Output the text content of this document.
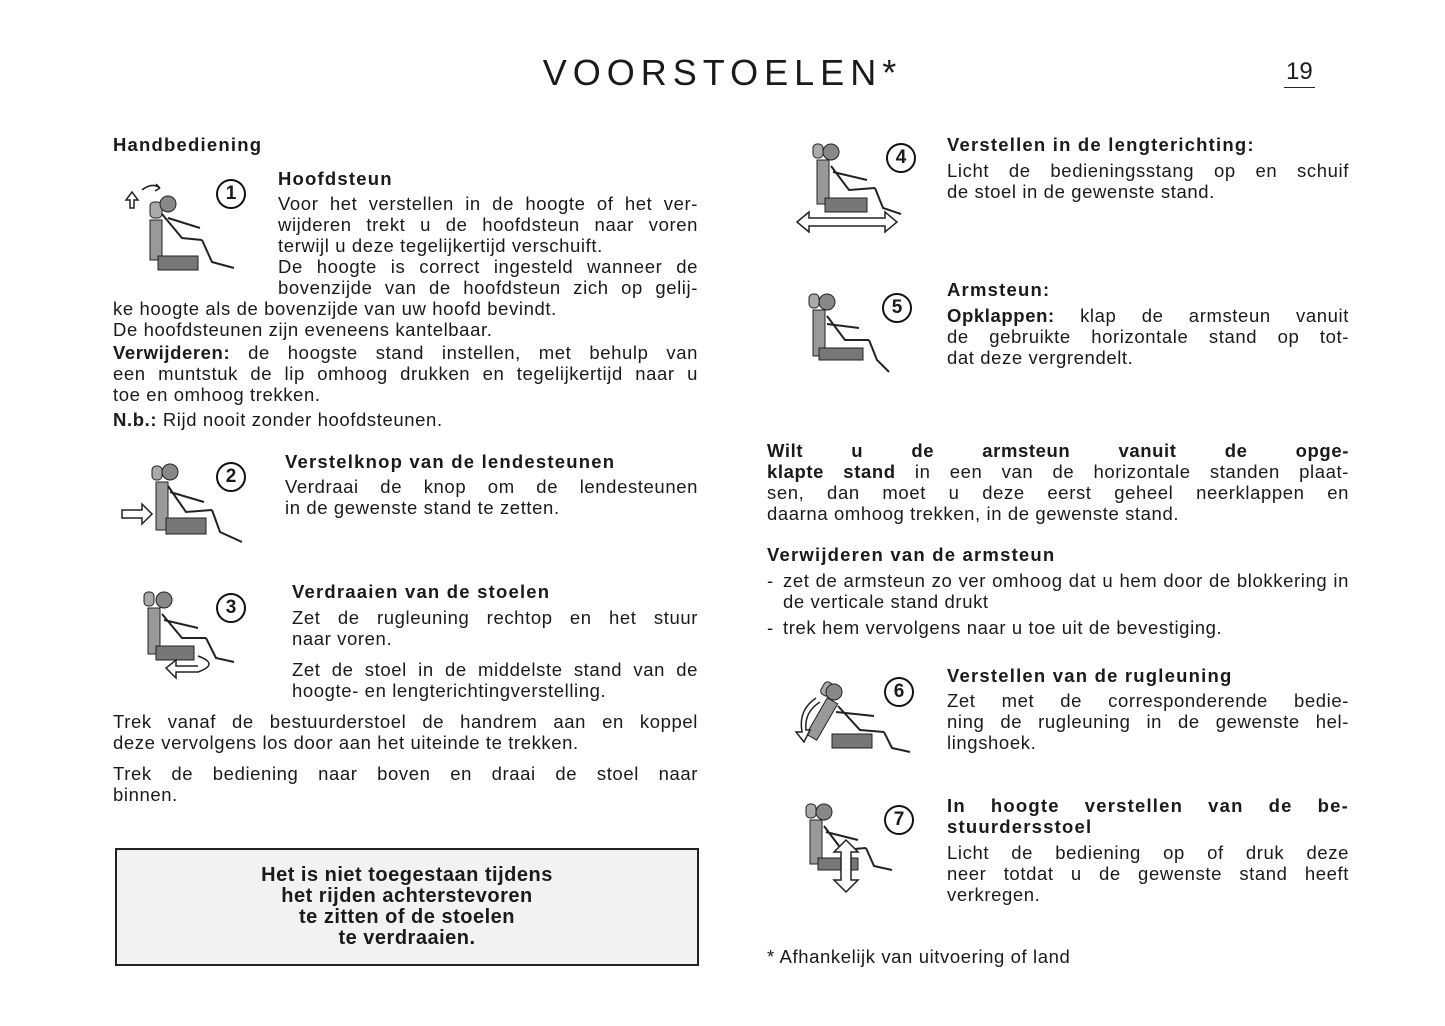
VOORSTOELEN*	19
Handbediening
1
Hoofdsteun
Voor het verstellen in de hoogte of het ver-
wijderen trekt u de hoofdsteun naar voren
terwijl u deze tegelijkertijd verschuift.
De hoogte is correct ingesteld wanneer de
bovenzijde van de hoofdsteun zich op gelij-
ke hoogte als de bovenzijde van uw hoofd bevindt.
De hoofdsteunen zijn eveneens kantelbaar.
Verwijderen: de hoogste stand instellen, met behulp van
een muntstuk de lip omhoog drukken en tegelijkertijd naar u
toe en omhoog trekken.
N.b.: Rijd nooit zonder hoofdsteunen.
2
Verstelknop van de lendesteunen
Verdraai de knop om de lendesteunen
in de gewenste stand te zetten.
3
Verdraaien van de stoelen
Zet de rugleuning rechtop en het stuur
naar voren.
Zet de stoel in de middelste stand van de
hoogte- en lengterichtingverstelling.
Trek vanaf de bestuurderstoel de handrem aan en koppel
deze vervolgens los door aan het uiteinde te trekken.
Trek de bediening naar boven en draai de stoel naar
binnen.
Het is niet toegestaan tijdens
het rijden achterstevoren
te zitten of de stoelen
te verdraaien.
4
Verstellen in de lengterichting:
Licht de bedieningsstang op en schuif
de stoel in de gewenste stand.
5
Armsteun:
Opklappen: klap de armsteun vanuit
de gebruikte horizontale stand op tot-
dat deze vergrendelt.
Wilt u de armsteun vanuit de opge-
klapte stand in een van de horizontale standen plaat-
sen, dan moet u deze eerst geheel neerklappen en
daarna omhoog trekken, in de gewenste stand.
Verwijderen van de armsteun
- zet de armsteun zo ver omhoog dat u hem door de blokkering in de verticale stand drukt
- trek hem vervolgens naar u toe uit de bevestiging.
6
Verstellen van de rugleuning
Zet met de corresponderende bedie-
ning de rugleuning in de gewenste hel-
lingshoek.
7
In hoogte verstellen van de be-
stuurdersstoel
Licht de bediening op of druk deze
neer totdat u de gewenste stand heeft
verkregen.
* Afhankelijk van uitvoering of land
